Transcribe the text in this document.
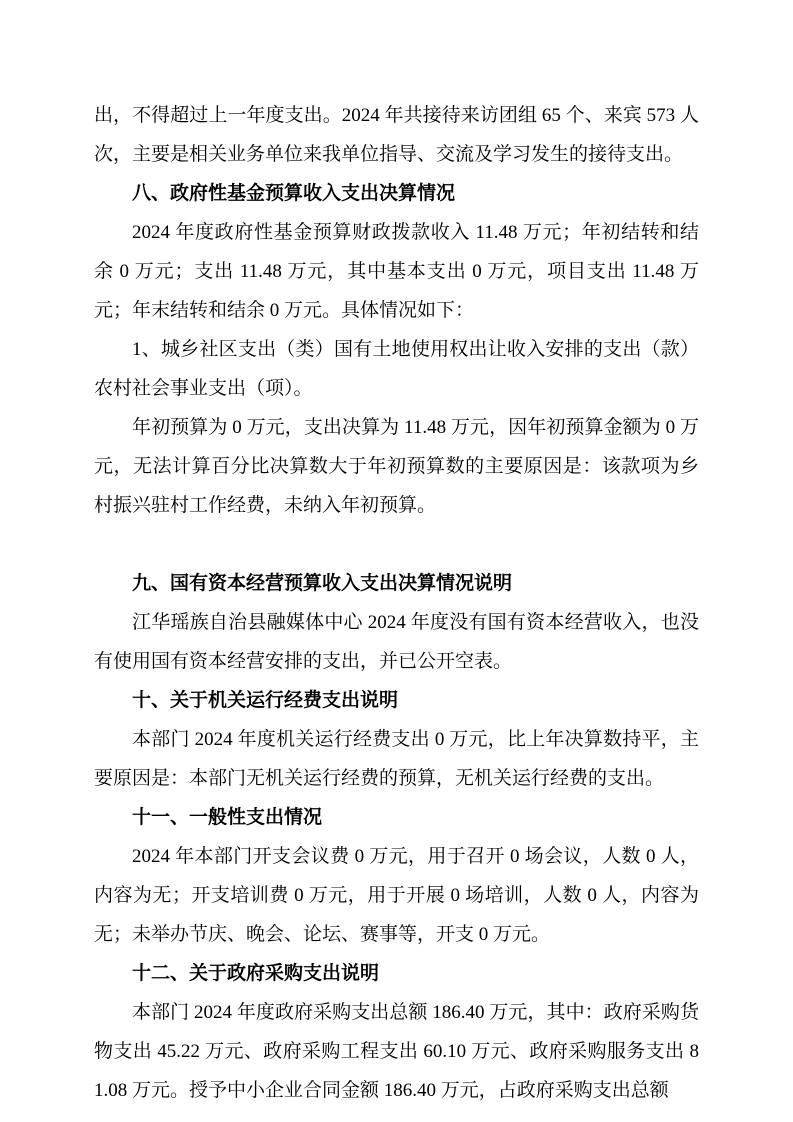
出，不得超过上一年度支出。2024 年共接待来访团组 65 个、来宾 573 人次，主要是相关业务单位来我单位指导、交流及学习发生的接待支出。

八、政府性基金预算收入支出决算情况

2024 年度政府性基金预算财政拨款收入 11.48 万元；年初结转和结余 0 万元；支出 11.48 万元，其中基本支出 0 万元，项目支出 11.48 万元；年末结转和结余 0 万元。具体情况如下：

1、城乡社区支出（类）国有土地使用权出让收入安排的支出（款）农村社会事业支出（项）。

年初预算为 0 万元，支出决算为 11.48 万元，因年初预算金额为 0 万元，无法计算百分比决算数大于年初预算数的主要原因是：该款项为乡村振兴驻村工作经费，未纳入年初预算。

九、国有资本经营预算收入支出决算情况说明

江华瑶族自治县融媒体中心 2024 年度没有国有资本经营收入，也没有使用国有资本经营安排的支出，并已公开空表。

十、关于机关运行经费支出说明

本部门 2024 年度机关运行经费支出 0 万元，比上年决算数持平，主要原因是：本部门无机关运行经费的预算，无机关运行经费的支出。

十一、一般性支出情况

2024 年本部门开支会议费 0 万元，用于召开 0 场会议，人数 0 人，内容为无；开支培训费 0 万元，用于开展 0 场培训，人数 0 人，内容为无；未举办节庆、晚会、论坛、赛事等，开支 0 万元。

十二、关于政府采购支出说明

本部门 2024 年度政府采购支出总额 186.40 万元，其中：政府采购货物支出 45.22 万元、政府采购工程支出 60.10 万元、政府采购服务支出 81.08 万元。授予中小企业合同金额 186.40 万元，占政府采购支出总额
